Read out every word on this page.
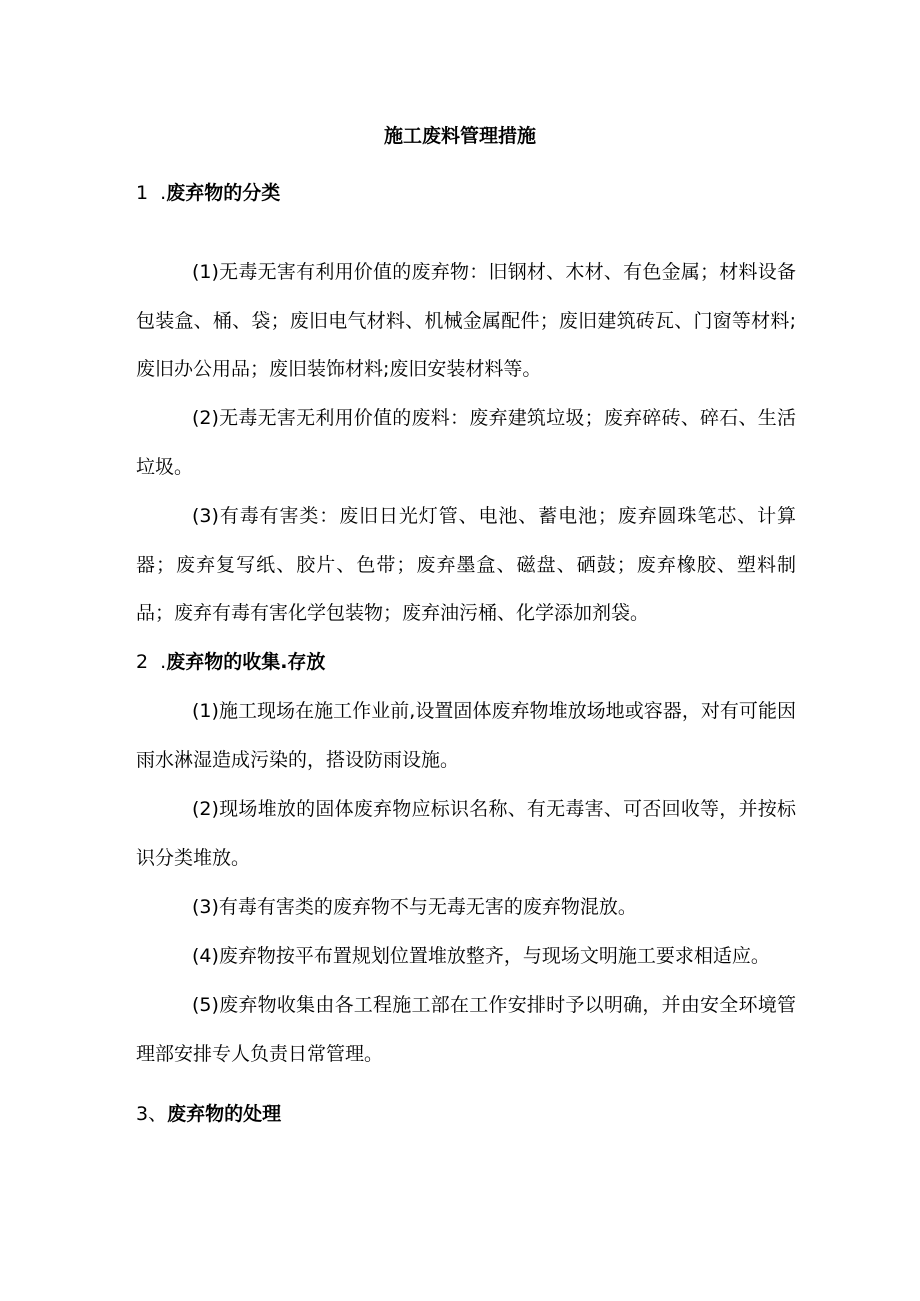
施工废料管理措施
1  .废弃物的分类

(1)无毒无害有利用价值的废弃物：旧钢材、木材、有色金属；材料设备包装盒、桶、袋；废旧电气材料、机械金属配件；废旧建筑砖瓦、门窗等材料;废旧办公用品；废旧装饰材料;废旧安装材料等。

(2)无毒无害无利用价值的废料：废弃建筑垃圾；废弃碎砖、碎石、生活垃圾。

(3)有毒有害类：废旧日光灯管、电池、蓄电池；废弃圆珠笔芯、计算器；废弃复写纸、胶片、色带；废弃墨盒、磁盘、硒鼓；废弃橡胶、塑料制品；废弃有毒有害化学包装物；废弃油污桶、化学添加剂袋。

2  .废弃物的收集.存放

(1)施工现场在施工作业前,设置固体废弃物堆放场地或容器，对有可能因雨水淋湿造成污染的，搭设防雨设施。

(2)现场堆放的固体废弃物应标识名称、有无毒害、可否回收等，并按标识分类堆放。

(3)有毒有害类的废弃物不与无毒无害的废弃物混放。

(4)废弃物按平布置规划位置堆放整齐，与现场文明施工要求相适应。

(5)废弃物收集由各工程施工部在工作安排时予以明确，并由安全环境管理部安排专人负责日常管理。

3、废弃物的处理
